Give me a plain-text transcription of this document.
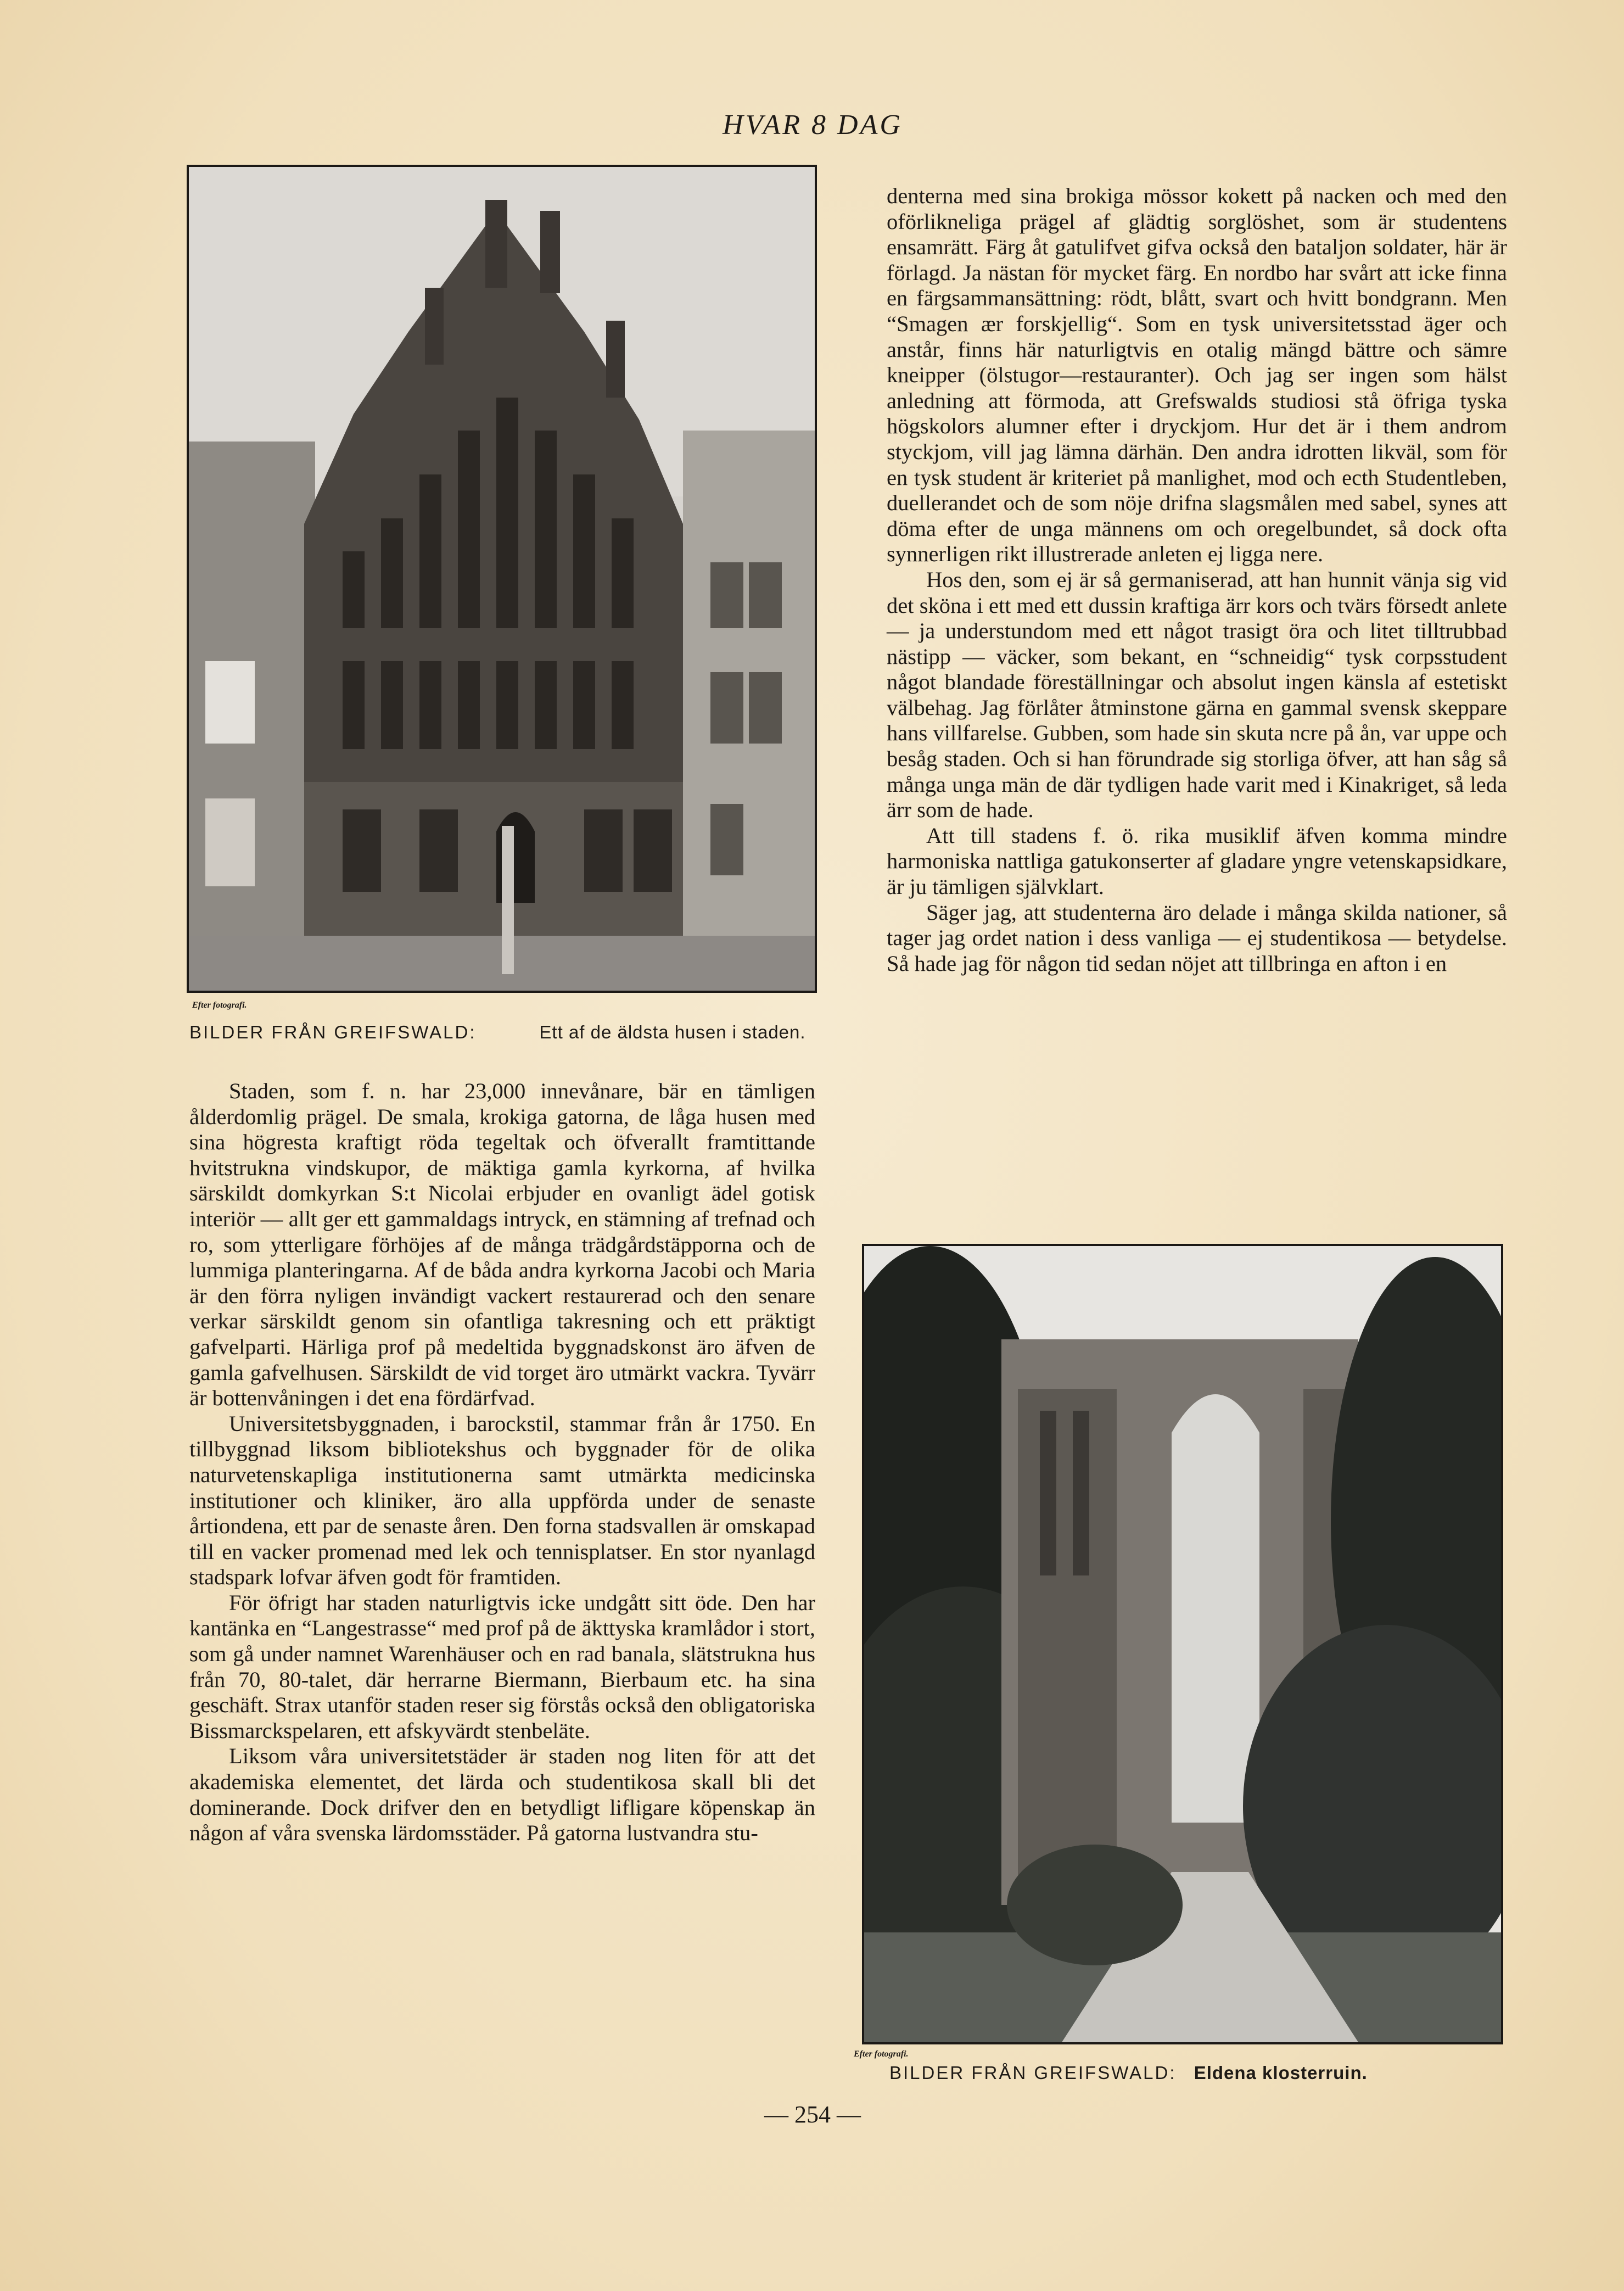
HVAR 8 DAG
Efter fotografi.
BILDER FRÅN GREIFSWALD:	Ett af de äldsta husen i staden.

Staden, som f. n. har 23,000 innevånare, bär en tämligen ålderdomlig prägel. De smala, krokiga gatorna, de låga husen med sina högresta kraftigt röda tegeltak och öfverallt framtittande hvitstrukna vindskupor, de mäktiga gamla kyrkorna, af hvilka särskildt domkyrkan S:t Nicolai erbjuder en ovanligt ädel gotisk interiör — allt ger ett gammaldags intryck, en stämning af trefnad och ro, som ytterligare förhöjes af de många trädgårdstäpporna och de lummiga planteringarna. Af de båda andra kyrkorna Jacobi och Maria är den förra nyligen invändigt vackert restaurerad och den senare verkar särskildt genom sin ofantliga takresning och ett präktigt gafvelparti. Härliga prof på medeltida byggnadskonst äro äfven de gamla gafvelhusen. Särskildt de vid torget äro utmärkt vackra. Tyvärr är bottenvåningen i det ena fördärfvad.

Universitetsbyggnaden, i barockstil, stammar från år 1750. En tillbyggnad liksom bibliotekshus och byggnader för de olika naturvetenskapliga institutionerna samt utmärkta medicinska institutioner och kliniker, äro alla uppförda under de senaste årtiondena, ett par de senaste åren. Den forna stadsvallen är omskapad till en vacker promenad med lek och tennisplatser. En stor nyanlagd stadspark lofvar äfven godt för framtiden.

För öfrigt har staden naturligtvis icke undgått sitt öde. Den har kantänka en “Langestrasse“ med prof på de äkttyska kramlådor i stort, som gå under namnet Warenhäuser och en rad banala, slätstrukna hus från 70, 80-talet, där herrarne Biermann, Bierbaum etc. ha sina geschäft. Strax utanför staden reser sig förstås också den obligatoriska Bissmarckspelaren, ett afskyvärdt stenbeläte.

Liksom våra universitetstäder är staden nog liten för att det akademiska elementet, det lärda och studentikosa skall bli det dominerande. Dock drifver den en betydligt lifligare köpenskap än någon af våra svenska lärdomsstäder. På gatorna lustvandra stu-

denterna med sina brokiga mössor kokett på nacken och med den oförlikneliga prägel af glädtig sorglöshet, som är studentens ensamrätt. Färg åt gatulifvet gifva också den bataljon soldater, här är förlagd. Ja nästan för mycket färg. En nordbo har svårt att icke finna en färgsammansättning: rödt, blått, svart och hvitt bondgrann. Men “Smagen ær forskjellig“. Som en tysk universitetsstad äger och anstår, finns här naturligtvis en otalig mängd bättre och sämre kneipper (ölstugor—restauranter). Och jag ser ingen som hälst anledning att förmoda, att Grefswalds studiosi stå öfriga tyska högskolors alumner efter i dryckjom. Hur det är i them androm styckjom, vill jag lämna därhän. Den andra idrotten likväl, som för en tysk student är kriteriet på manlighet, mod och ecth Studentleben, duellerandet och de som nöje drifna slagsmålen med sabel, synes att döma efter de unga männens om och oregelbundet, så dock ofta synnerligen rikt illustrerade anleten ej ligga nere.

Hos den, som ej är så germaniserad, att han hunnit vänja sig vid det sköna i ett med ett dussin kraftiga ärr kors och tvärs försedt anlete — ja understundom med ett något trasigt öra och litet tilltrubbad nästipp — väcker, som bekant, en “schneidig“ tysk corpsstudent något blandade föreställningar och absolut ingen känsla af estetiskt välbehag. Jag förlåter åtminstone gärna en gammal svensk skeppare hans villfarelse. Gubben, som hade sin skuta ncre på ån, var uppe och besåg staden. Och si han förundrade sig storliga öfver, att han såg så många unga män de där tydligen hade varit med i Kinakriget, så leda ärr som de hade.

Att till stadens f. ö. rika musiklif äfven komma mindre harmoniska nattliga gatukonserter af gladare yngre vetenskapsidkare, är ju tämligen självklart.

Säger jag, att studenterna äro delade i många skilda nationer, så tager jag ordet nation i dess vanliga — ej studentikosa — betydelse. Så hade jag för någon tid sedan nöjet att tillbringa en afton i en

Efter fotografi.
BILDER FRÅN GREIFSWALD: Eldena klosterruin.
— 254 —
